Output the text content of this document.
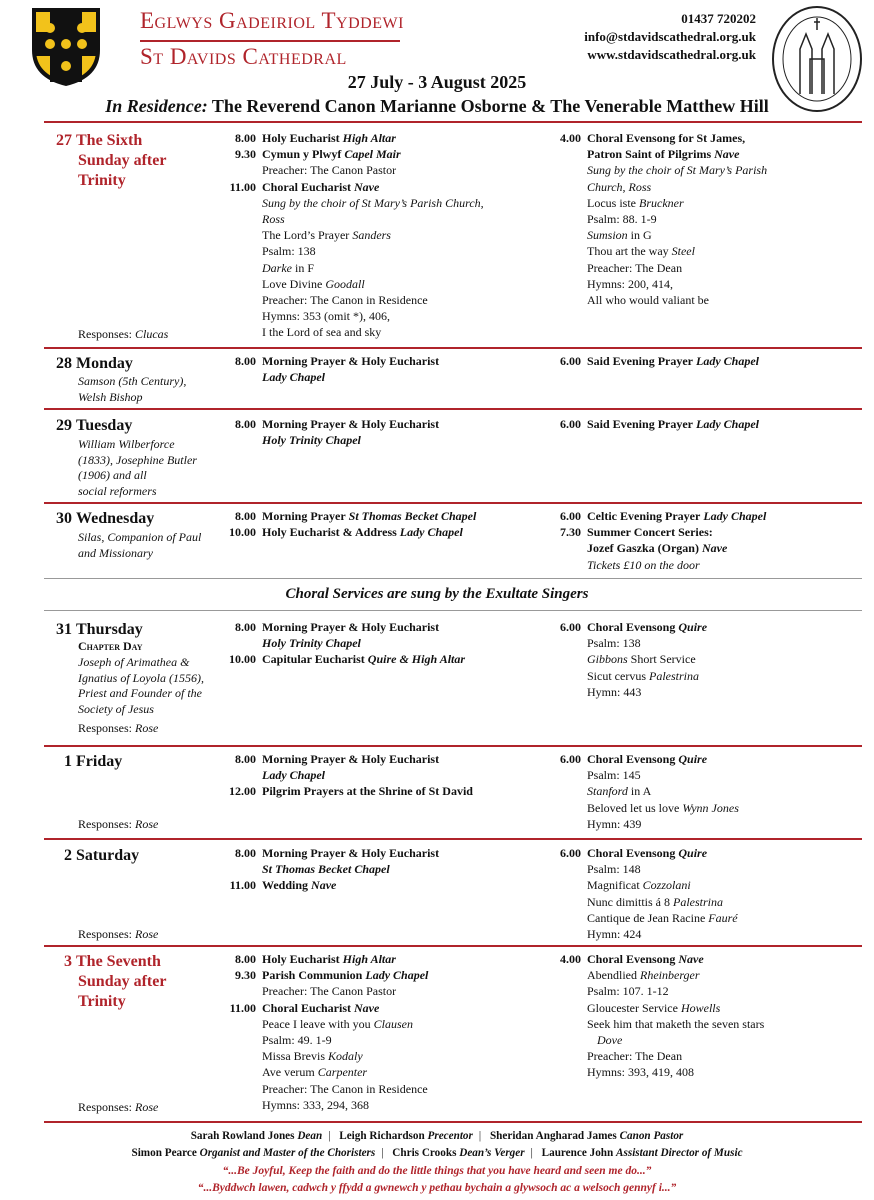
Eglwys Gadeiriol Tyddewi
St Davids Cathedral
01437 720202
info@stdavidscathedral.org.uk
www.stdavidscathedral.org.uk
27 July - 3 August 2025
In Residence: The Reverend Canon Marianne Osborne & The Venerable Matthew Hill
27 The Sixth
Sunday after
Trinity
Responses: Clucas
8.00 Holy Eucharist High Altar
9.30 Cymun y Plwyf Capel Mair
Preacher: The Canon Pastor
11.00 Choral Eucharist Nave
Sung by the choir of St Mary’s Parish Church,
Ross
The Lord’s Prayer Sanders
Psalm: 138
Darke in F
Love Divine Goodall
Preacher: The Canon in Residence
Hymns: 353 (omit *), 406,
I the Lord of sea and sky
4.00 Choral Evensong for St James,
Patron Saint of Pilgrims Nave
Sung by the choir of St Mary’s Parish
Church, Ross
Locus iste Bruckner
Psalm: 88. 1-9
Sumsion in G
Thou art the way Steel
Preacher: The Dean
Hymns: 200, 414,
All who would valiant be
28 Monday
Samson (5th Century),
Welsh Bishop
8.00 Morning Prayer & Holy Eucharist
Lady Chapel
6.00 Said Evening Prayer Lady Chapel
29 Tuesday
William Wilberforce
(1833), Josephine Butler
(1906) and all
social reformers
8.00 Morning Prayer & Holy Eucharist
Holy Trinity Chapel
6.00 Said Evening Prayer Lady Chapel
30 Wednesday
Silas, Companion of Paul
and Missionary
8.00 Morning Prayer St Thomas Becket Chapel
10.00 Holy Eucharist & Address Lady Chapel
6.00 Celtic Evening Prayer Lady Chapel
7.30 Summer Concert Series:
Jozef Gaszka (Organ) Nave
Tickets £10 on the door
Choral Services are sung by the Exultate Singers
31 Thursday
Chapter Day
Joseph of Arimathea &
Ignatius of Loyola (1556),
Priest and Founder of the
Society of Jesus
Responses: Rose
8.00 Morning Prayer & Holy Eucharist
Holy Trinity Chapel
10.00 Capitular Eucharist Quire & High Altar
6.00 Choral Evensong Quire
Psalm: 138
Gibbons Short Service
Sicut cervus Palestrina
Hymn: 443
1 Friday
Responses: Rose
8.00 Morning Prayer & Holy Eucharist
Lady Chapel
12.00 Pilgrim Prayers at the Shrine of St David
6.00 Choral Evensong Quire
Psalm: 145
Stanford in A
Beloved let us love Wynn Jones
Hymn: 439
2 Saturday
Responses: Rose
8.00 Morning Prayer & Holy Eucharist
St Thomas Becket Chapel
11.00 Wedding Nave
6.00 Choral Evensong Quire
Psalm: 148
Magnificat Cozzolani
Nunc dimittis á 8 Palestrina
Cantique de Jean Racine Fauré
Hymn: 424
3 The Seventh
Sunday after
Trinity
Responses: Rose
8.00 Holy Eucharist High Altar
9.30 Parish Communion Lady Chapel
Preacher: The Canon Pastor
11.00 Choral Eucharist Nave
Peace I leave with you Clausen
Psalm: 49. 1-9
Missa Brevis Kodaly
Ave verum Carpenter
Preacher: The Canon in Residence
Hymns: 333, 294, 368
4.00 Choral Evensong Nave
Abendlied Rheinberger
Psalm: 107. 1-12
Gloucester Service Howells
Seek him that maketh the seven stars
Dove
Preacher: The Dean
Hymns: 393, 419, 408
Sarah Rowland Jones Dean | Leigh Richardson Precentor | Sheridan Angharad James Canon Pastor
Simon Pearce Organist and Master of the Choristers | Chris Crooks Dean’s Verger | Laurence John Assistant Director of Music
“...Be Joyful, Keep the faith and do the little things that you have heard and seen me do...”
“...Byddwch lawen, cadwch y ffydd a gwnewch y pethau bychain a glywsoch ac a welsoch gennyf i...”
